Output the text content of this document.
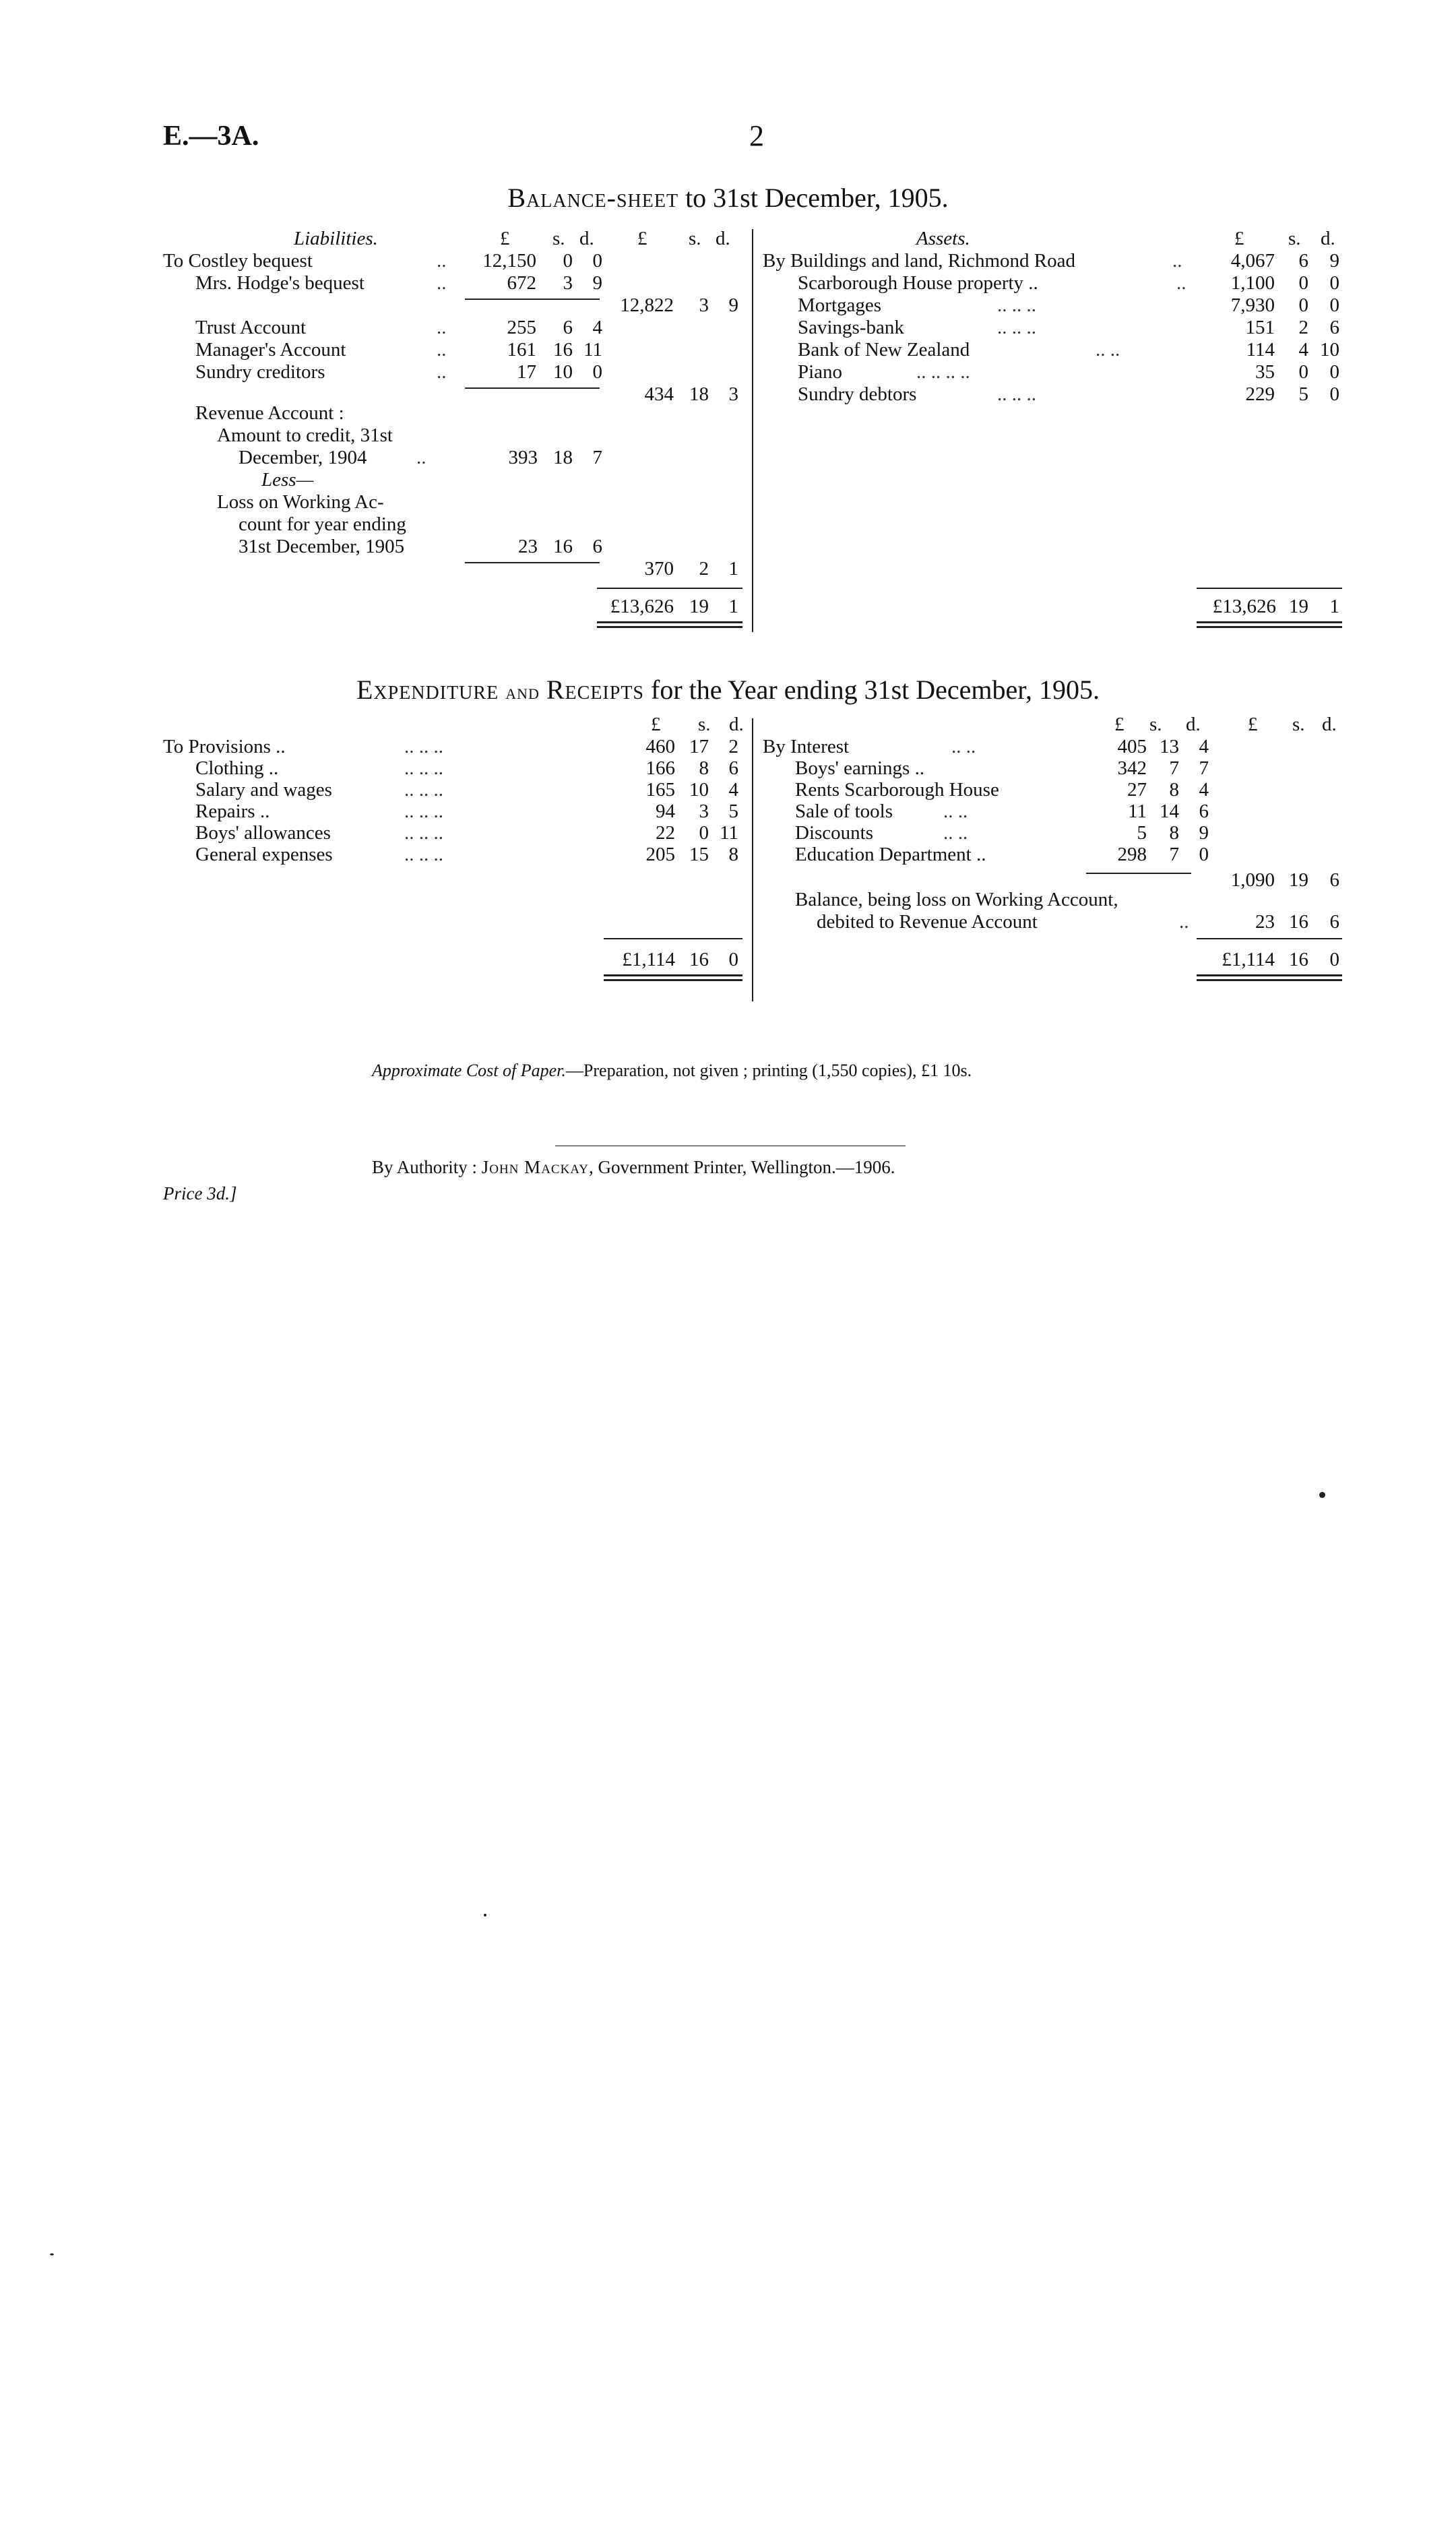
E.—3A.	2
Balance-sheet to 31st December, 1905.
Liabilities.	£ s. d. £ s. d.
To Costley bequest	..	12,150	0	0
Mrs. Hodge's bequest	..	672	3	9
12,822	3	9
Trust Account	..	255	6	4
Manager's Account	..	161 16 11
Sundry creditors	..	17 10	0
434 18	3
Revenue Account :
Amount to credit, 31st
December, 1904	..	393 18	7
Less—
Loss on Working Ac-
count for year ending
31st December, 1905	23 16	6
370	2	1
£13,626 19	1
Assets.	£ s. d.
By Buildings and land, Richmond Road	..	4,067	6	9
Scarborough House property ..	..	1,100	0	0
Mortgages	.. .. ..	7,930	0	0
Savings-bank	.. .. ..	151	2	6
Bank of New Zealand	.. ..	114	4 10
Piano	.. .. .. ..	35	0	0
Sundry debtors	.. .. ..	229	5	0
£13,626 19	1
Expenditure and Receipts for the Year ending 31st December, 1905.
£ s. d.	£ s. d. £ s. d.
To Provisions ..	.. .. ..	460 17	2
Clothing ..	.. .. ..	166	8	6
Salary and wages	.. .. ..	165 10	4
Repairs ..	.. .. ..	94	3	5
Boys' allowances	.. .. ..	22	0 11
General expenses	.. .. ..	205 15	8
By Interest	.. ..	405 13	4
Boys' earnings ..	342	7	7
Rents Scarborough House	27	8	4
Sale of tools	.. ..	11 14	6
Discounts	.. ..	5	8	9
Education Department ..	298	7	0
1,090 19	6
Balance, being loss on Working Account,
debited to Revenue Account	..	23 16	6
£1,114 16	0	£1,114 16	0
Approximate Cost of Paper.—Preparation, not given ; printing (1,550 copies), £1 10s.
By Authority : John Mackay, Government Printer, Wellington.—1906.
Price 3d.]
